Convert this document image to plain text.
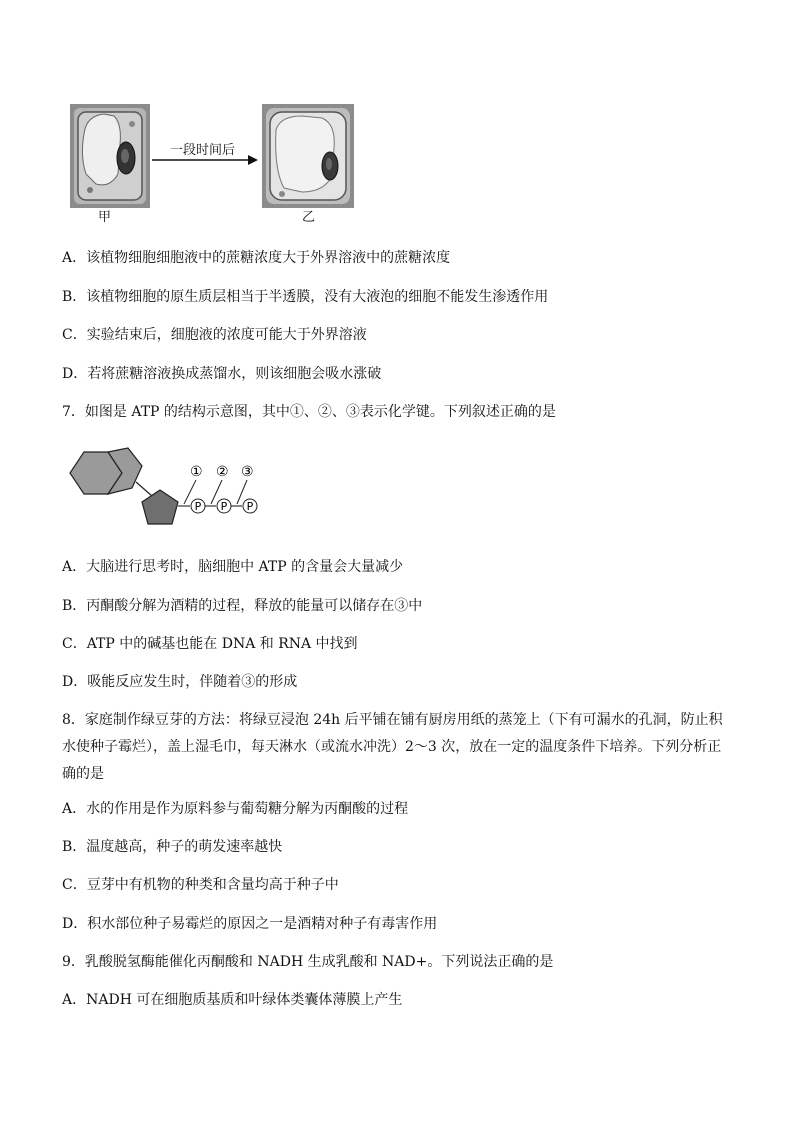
甲
一段时间后
乙
A．该植物细胞细胞液中的蔗糖浓度大于外界溶液中的蔗糖浓度
B．该植物细胞的原生质层相当于半透膜，没有大液泡的细胞不能发生渗透作用
C．实验结束后，细胞液的浓度可能大于外界溶液
D．若将蔗糖溶液换成蒸馏水，则该细胞会吸水涨破
7．如图是 ATP 的结构示意图，其中①、②、③表示化学键。下列叙述正确的是
P P P
① ② ③
A．大脑进行思考时，脑细胞中 ATP 的含量会大量减少
B．丙酮酸分解为酒精的过程，释放的能量可以储存在③中
C．ATP 中的碱基也能在 DNA 和 RNA 中找到
D．吸能反应发生时，伴随着③的形成
8．家庭制作绿豆芽的方法：将绿豆浸泡 24h 后平铺在铺有厨房用纸的蒸笼上（下有可漏水的孔洞，防止积水使种子霉烂），盖上湿毛巾，每天淋水（或流水冲洗）2～3 次，放在一定的温度条件下培养。下列分析正确的是
A．水的作用是作为原料参与葡萄糖分解为丙酮酸的过程
B．温度越高，种子的萌发速率越快
C．豆芽中有机物的种类和含量均高于种子中
D．积水部位种子易霉烂的原因之一是酒精对种子有毒害作用
9．乳酸脱氢酶能催化丙酮酸和 NADH 生成乳酸和 NAD+。下列说法正确的是
A．NADH 可在细胞质基质和叶绿体类囊体薄膜上产生
